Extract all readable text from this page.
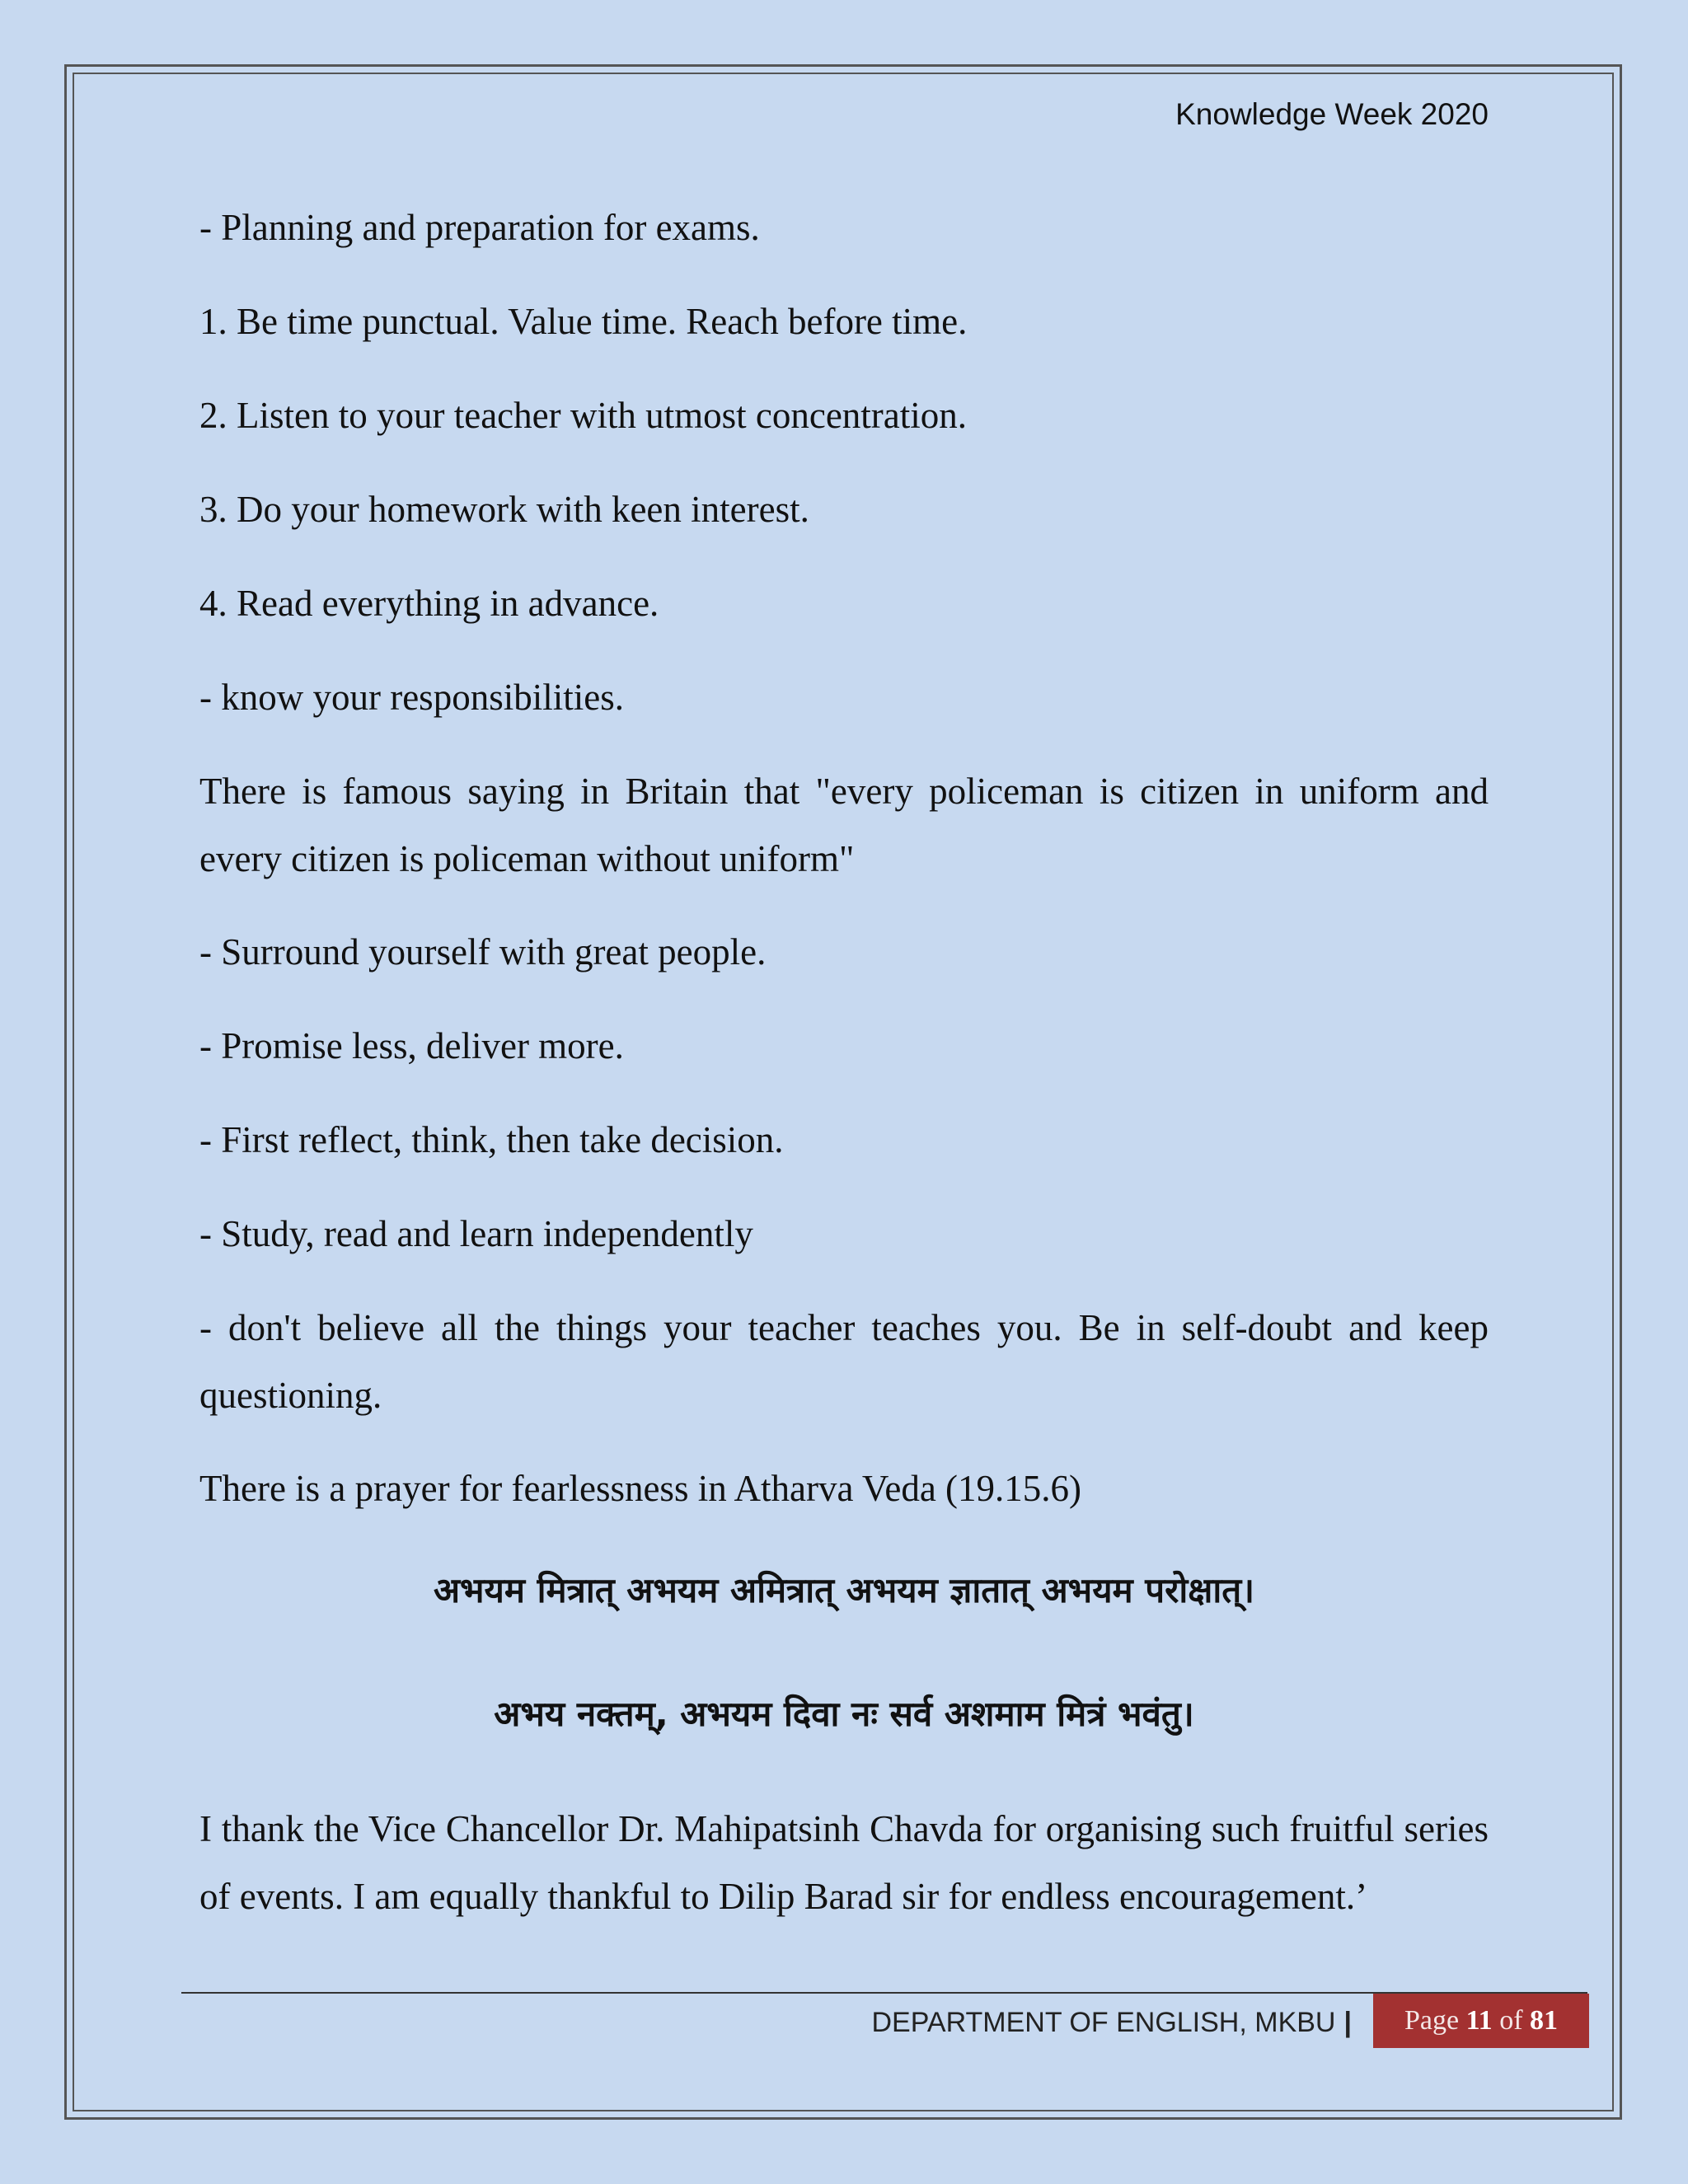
Knowledge Week 2020

- Planning and preparation for exams.

1. Be time punctual. Value time. Reach before time.

2. Listen to your teacher with utmost concentration.

3. Do your homework with keen interest.

4. Read everything in advance.

- know your responsibilities.

There is famous saying in Britain that "every policeman is citizen in uniform and every citizen is policeman without uniform"

- Surround yourself with great people.

- Promise less, deliver more.

- First reflect, think, then take decision.

- Study, read and learn independently

- don't believe all the things your teacher teaches you. Be in self-doubt and keep questioning.

There is a prayer for fearlessness in Atharva Veda (19.15.6)

अभयम मित्रात् अभयम अमित्रात् अभयम ज्ञातात् अभयम परोक्षात्।
अभय नक्तम्, अभयम दिवा नः सर्व अशमाम मित्रं भवंतु।

I thank the Vice Chancellor Dr. Mahipatsinh Chavda for organising such fruitful series of events. I am equally thankful to Dilip Barad sir for endless encouragement.’

DEPARTMENT OF ENGLISH, MKBU |	Page 11 of 81
